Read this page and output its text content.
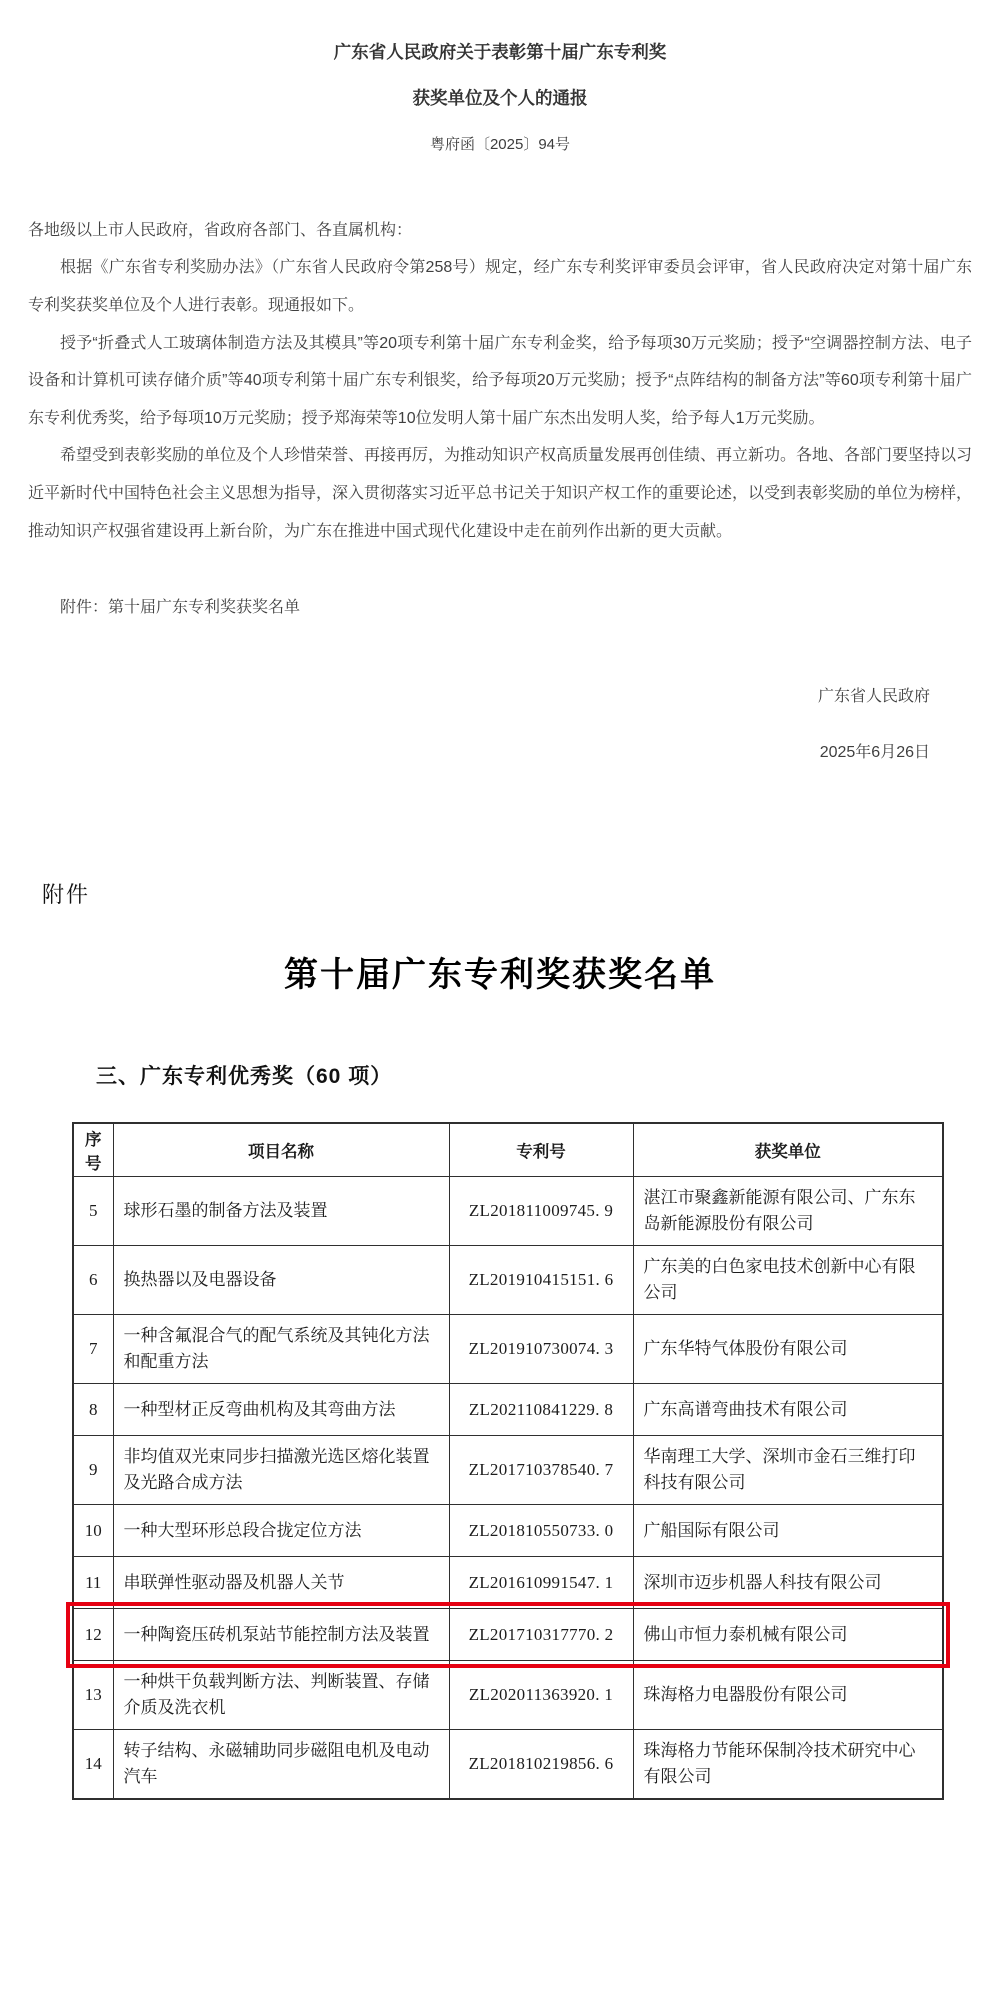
广东省人民政府关于表彰第十届广东专利奖
获奖单位及个人的通报
粤府函〔2025〕94号

各地级以上市人民政府，省政府各部门、各直属机构：

根据《广东省专利奖励办法》（广东省人民政府令第258号）规定，经广东专利奖评审委员会评审，省人民政府决定对第十届广东专利奖获奖单位及个人进行表彰。现通报如下。

授予“折叠式人工玻璃体制造方法及其模具”等20项专利第十届广东专利金奖，给予每项30万元奖励；授予“空调器控制方法、电子设备和计算机可读存储介质”等40项专利第十届广东专利银奖，给予每项20万元奖励；授予“点阵结构的制备方法”等60项专利第十届广东专利优秀奖，给予每项10万元奖励；授予郑海荣等10位发明人第十届广东杰出发明人奖，给予每人1万元奖励。

希望受到表彰奖励的单位及个人珍惜荣誉、再接再厉，为推动知识产权高质量发展再创佳绩、再立新功。各地、各部门要坚持以习近平新时代中国特色社会主义思想为指导，深入贯彻落实习近平总书记关于知识产权工作的重要论述，以受到表彰奖励的单位为榜样，推动知识产权强省建设再上新台阶，为广东在推进中国式现代化建设中走在前列作出新的更大贡献。

附件：第十届广东专利奖获奖名单

广东省人民政府
2025年6月26日
附件
第十届广东专利奖获奖名单
三、广东专利优秀奖（60 项）
序号	项目名称	专利号	获奖单位
5	球形石墨的制备方法及装置	ZL201811009745. 9	湛江市聚鑫新能源有限公司、广东东岛新能源股份有限公司
6	换热器以及电器设备	ZL201910415151. 6	广东美的白色家电技术创新中心有限公司
7	一种含氟混合气的配气系统及其钝化方法和配重方法	ZL201910730074. 3	广东华特气体股份有限公司
8	一种型材正反弯曲机构及其弯曲方法	ZL202110841229. 8	广东高谱弯曲技术有限公司
9	非均值双光束同步扫描激光选区熔化装置及光路合成方法	ZL201710378540. 7	华南理工大学、深圳市金石三维打印科技有限公司
10	一种大型环形总段合拢定位方法	ZL201810550733. 0	广船国际有限公司
11	串联弹性驱动器及机器人关节	ZL201610991547. 1	深圳市迈步机器人科技有限公司
12	一种陶瓷压砖机泵站节能控制方法及装置	ZL201710317770. 2	佛山市恒力泰机械有限公司
13	一种烘干负载判断方法、判断装置、存储介质及洗衣机	ZL202011363920. 1	珠海格力电器股份有限公司
14	转子结构、永磁辅助同步磁阻电机及电动汽车	ZL201810219856. 6	珠海格力节能环保制冷技术研究中心有限公司
